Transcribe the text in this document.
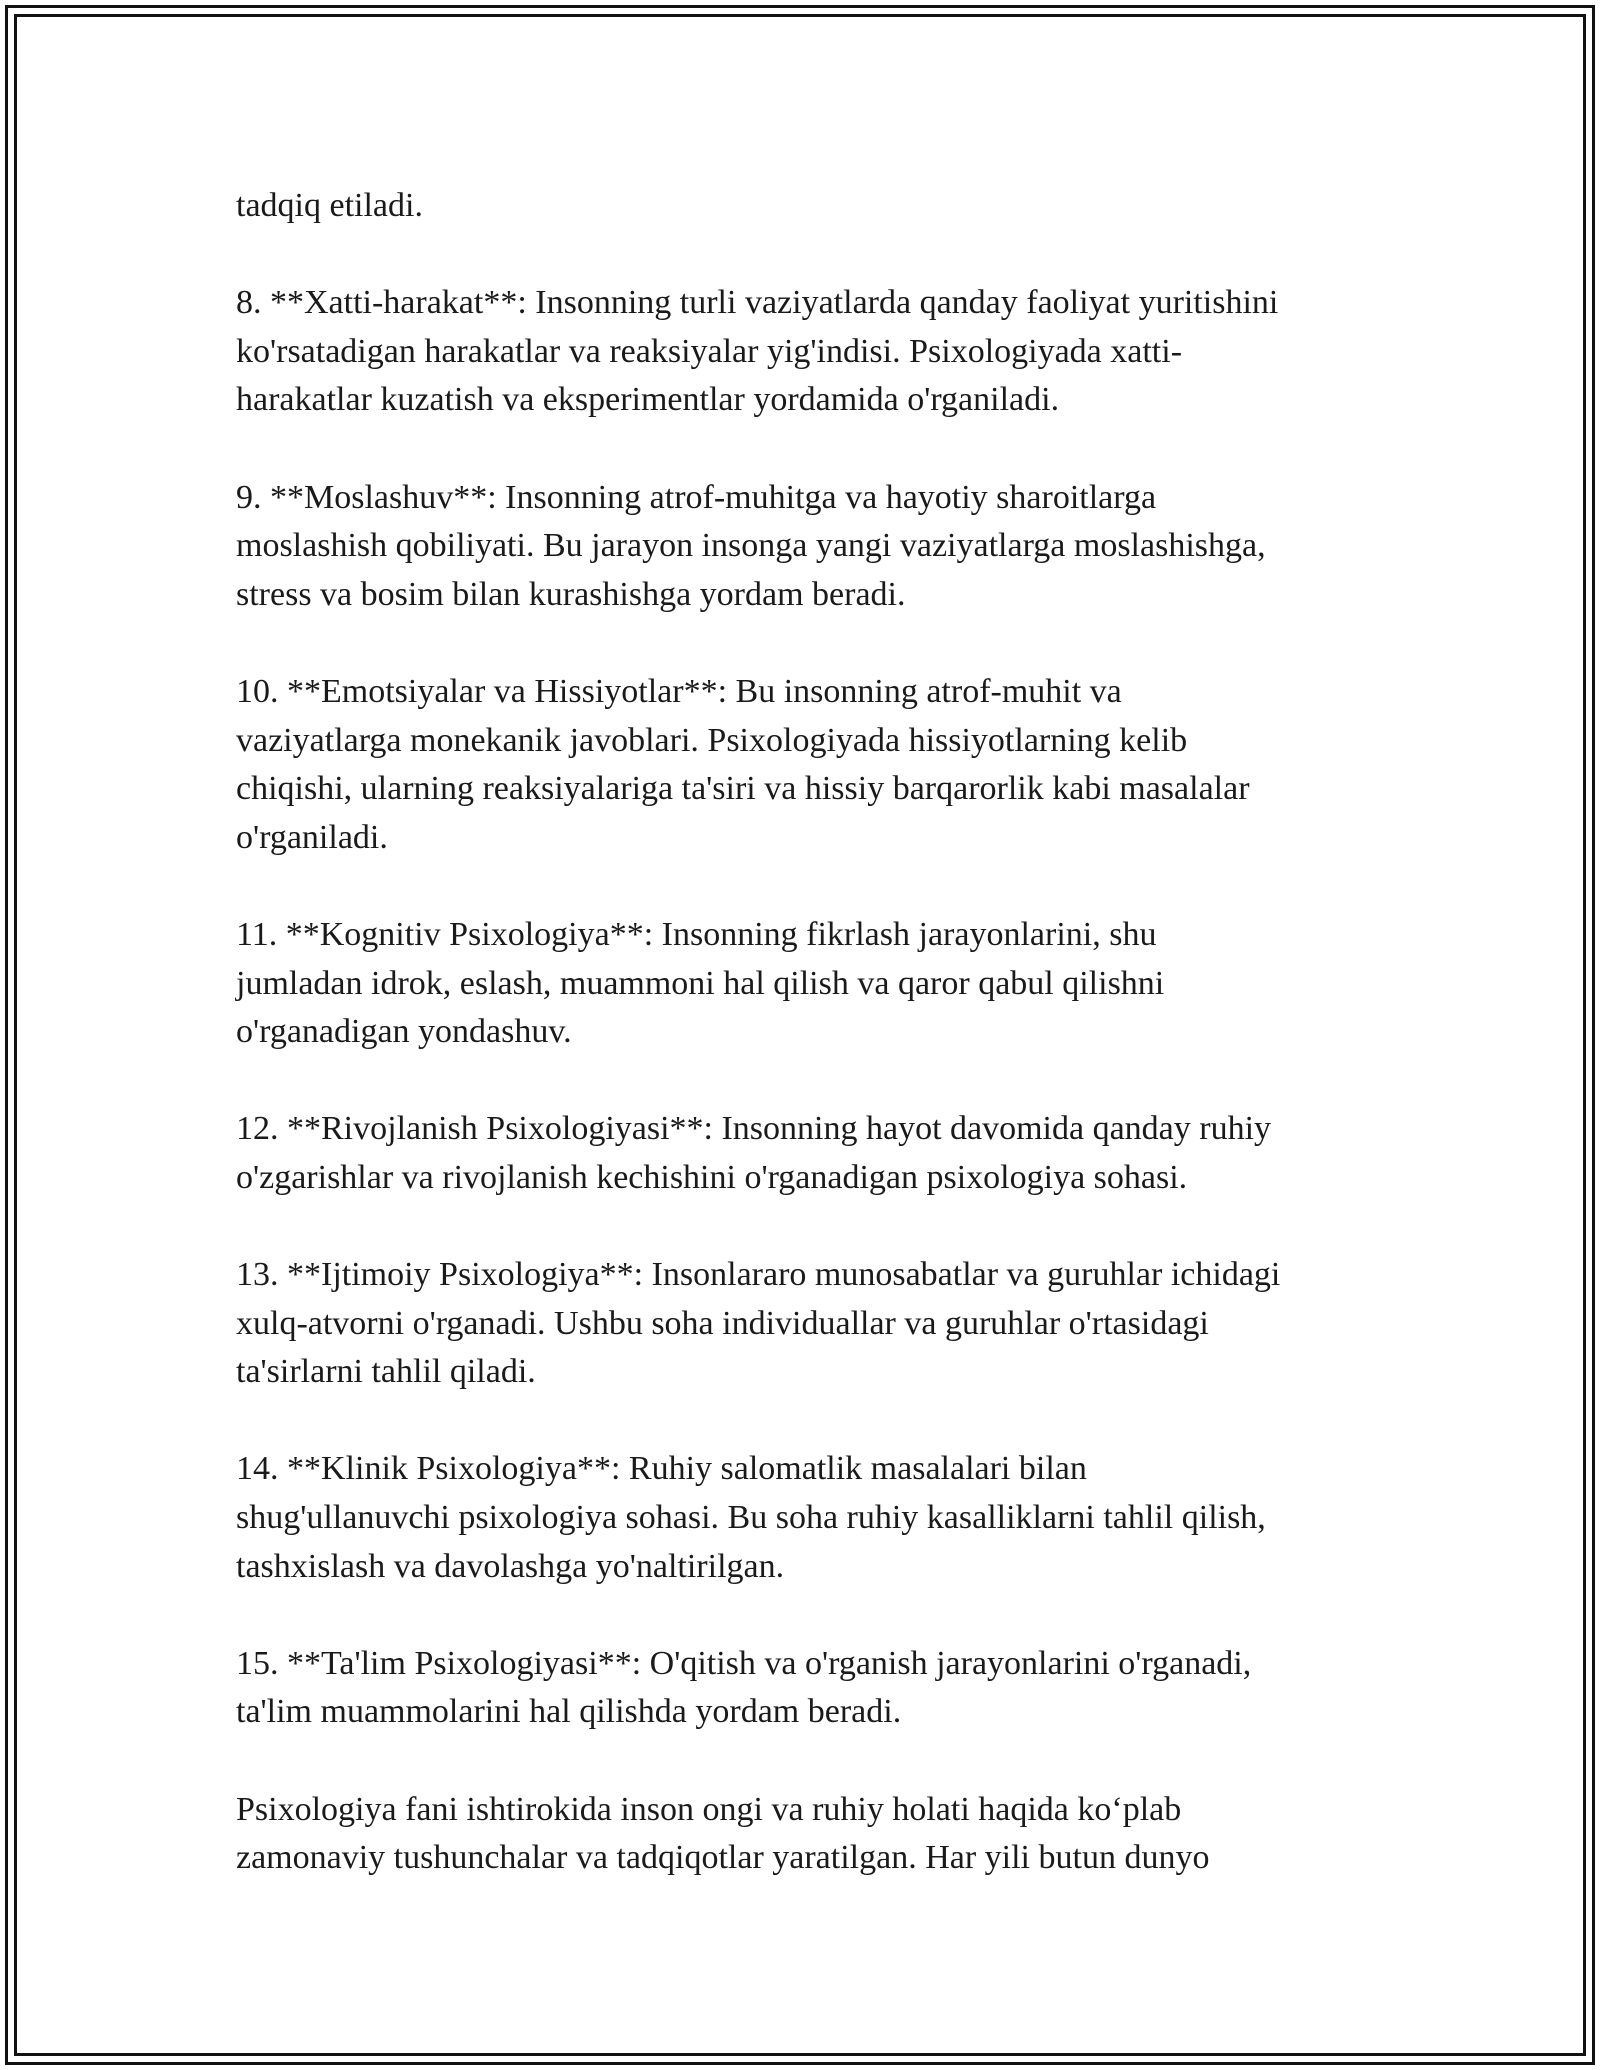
tadqiq etiladi.

8. **Xatti-harakat**: Insonning turli vaziyatlarda qanday faoliyat yuritishini
ko'rsatadigan harakatlar va reaksiyalar yig'indisi. Psixologiyada xatti-
harakatlar kuzatish va eksperimentlar yordamida o'rganiladi.

9. **Moslashuv**: Insonning atrof-muhitga va hayotiy sharoitlarga
moslashish qobiliyati. Bu jarayon insonga yangi vaziyatlarga moslashishga,
stress va bosim bilan kurashishga yordam beradi.

10. **Emotsiyalar va Hissiyotlar**: Bu insonning atrof-muhit va
vaziyatlarga monekanik javoblari. Psixologiyada hissiyotlarning kelib
chiqishi, ularning reaksiyalariga ta'siri va hissiy barqarorlik kabi masalalar
o'rganiladi.

11. **Kognitiv Psixologiya**: Insonning fikrlash jarayonlarini, shu
jumladan idrok, eslash, muammoni hal qilish va qaror qabul qilishni
o'rganadigan yondashuv.

12. **Rivojlanish Psixologiyasi**: Insonning hayot davomida qanday ruhiy
o'zgarishlar va rivojlanish kechishini o'rganadigan psixologiya sohasi.

13. **Ijtimoiy Psixologiya**: Insonlararo munosabatlar va guruhlar ichidagi
xulq-atvorni o'rganadi. Ushbu soha individuallar va guruhlar o'rtasidagi
ta'sirlarni tahlil qiladi.

14. **Klinik Psixologiya**: Ruhiy salomatlik masalalari bilan
shug'ullanuvchi psixologiya sohasi. Bu soha ruhiy kasalliklarni tahlil qilish,
tashxislash va davolashga yo'naltirilgan.

15. **Ta'lim Psixologiyasi**: O'qitish va o'rganish jarayonlarini o'rganadi,
ta'lim muammolarini hal qilishda yordam beradi.

Psixologiya fani ishtirokida inson ongi va ruhiy holati haqida ko‘plab
zamonaviy tushunchalar va tadqiqotlar yaratilgan. Har yili butun dunyo
